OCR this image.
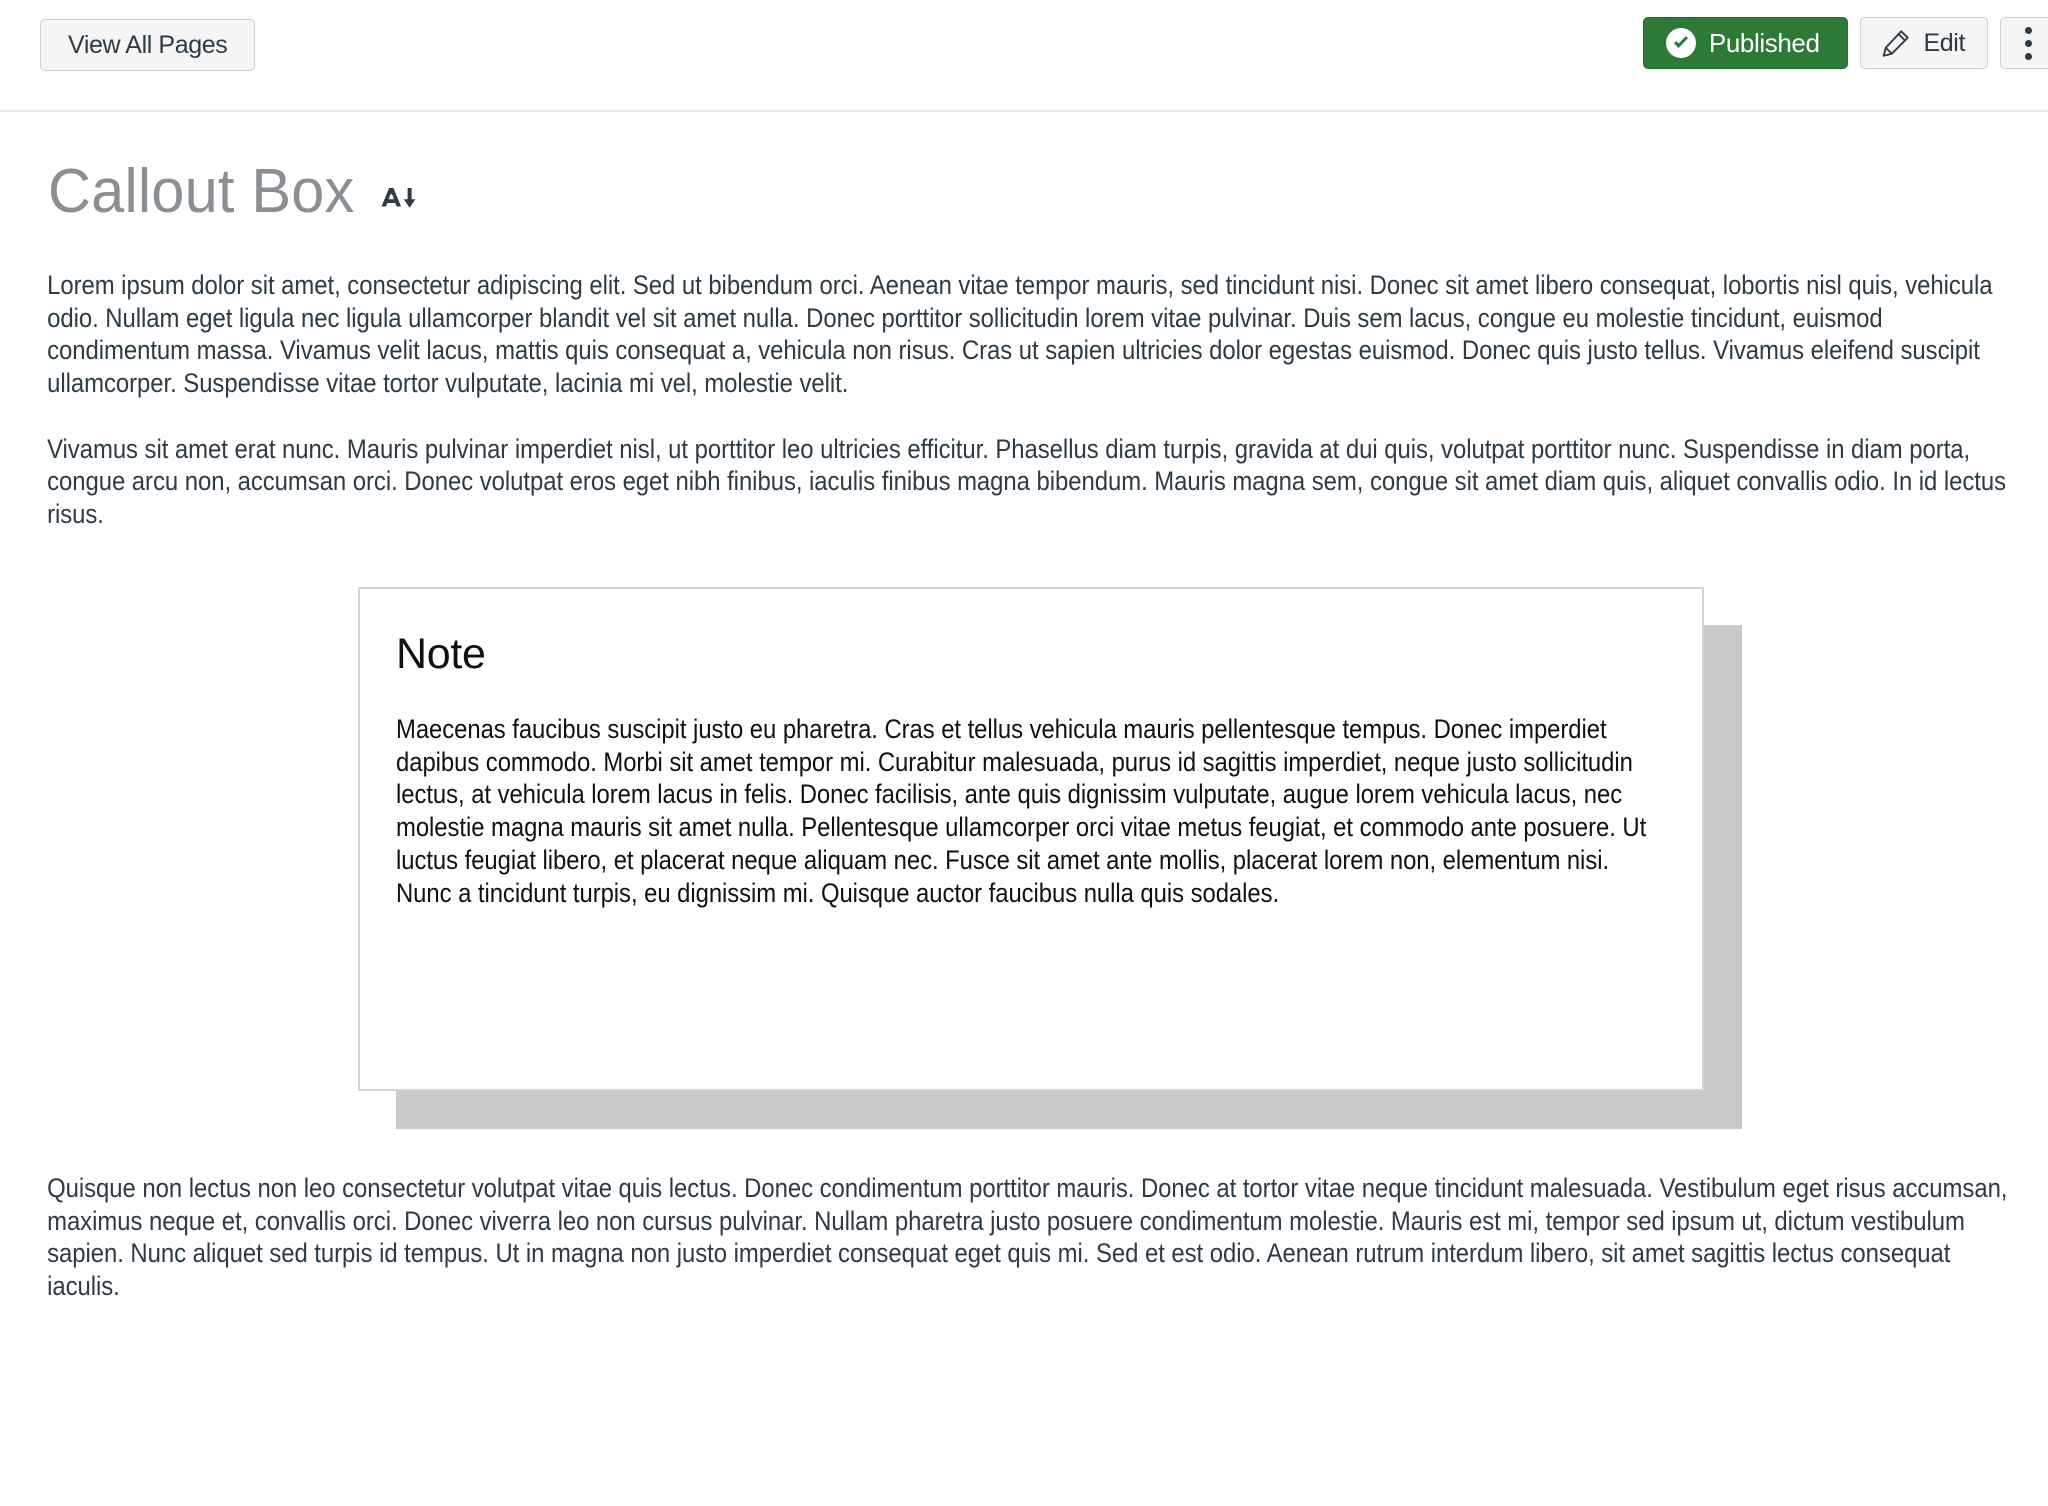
View All Pages	Published	Edit
Callout Box

Lorem ipsum dolor sit amet, consectetur adipiscing elit. Sed ut bibendum orci. Aenean vitae tempor mauris, sed tincidunt nisi. Donec sit amet libero consequat, lobortis nisl quis, vehicula odio. Nullam eget ligula nec ligula ullamcorper blandit vel sit amet nulla. Donec porttitor sollicitudin lorem vitae pulvinar. Duis sem lacus, congue eu molestie tincidunt, euismod condimentum massa. Vivamus velit lacus, mattis quis consequat a, vehicula non risus. Cras ut sapien ultricies dolor egestas euismod. Donec quis justo tellus. Vivamus eleifend suscipit ullamcorper. Suspendisse vitae tortor vulputate, lacinia mi vel, molestie velit.

Vivamus sit amet erat nunc. Mauris pulvinar imperdiet nisl, ut porttitor leo ultricies efficitur. Phasellus diam turpis, gravida at dui quis, volutpat porttitor nunc. Suspendisse in diam porta, congue arcu non, accumsan orci. Donec volutpat eros eget nibh finibus, iaculis finibus magna bibendum. Mauris magna sem, congue sit amet diam quis, aliquet convallis odio. In id lectus risus.

Note

Maecenas faucibus suscipit justo eu pharetra. Cras et tellus vehicula mauris pellentesque tempus. Donec imperdiet dapibus commodo. Morbi sit amet tempor mi. Curabitur malesuada, purus id sagittis imperdiet, neque justo sollicitudin lectus, at vehicula lorem lacus in felis. Donec facilisis, ante quis dignissim vulputate, augue lorem vehicula lacus, nec molestie magna mauris sit amet nulla. Pellentesque ullamcorper orci vitae metus feugiat, et commodo ante posuere. Ut luctus feugiat libero, et placerat neque aliquam nec. Fusce sit amet ante mollis, placerat lorem non, elementum nisi. Nunc a tincidunt turpis, eu dignissim mi. Quisque auctor faucibus nulla quis sodales.

Quisque non lectus non leo consectetur volutpat vitae quis lectus. Donec condimentum porttitor mauris. Donec at tortor vitae neque tincidunt malesuada. Vestibulum eget risus accumsan, maximus neque et, convallis orci. Donec viverra leo non cursus pulvinar. Nullam pharetra justo posuere condimentum molestie. Mauris est mi, tempor sed ipsum ut, dictum vestibulum sapien. Nunc aliquet sed turpis id tempus. Ut in magna non justo imperdiet consequat eget quis mi. Sed et est odio. Aenean rutrum interdum libero, sit amet sagittis lectus consequat iaculis.
